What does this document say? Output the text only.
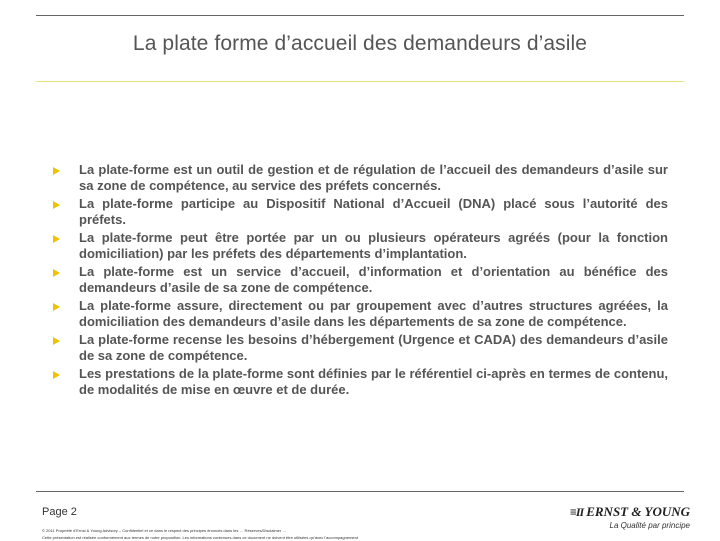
La plate forme d’accueil des demandeurs d’asile
La plate-forme est un outil de gestion et de régulation de l’accueil des demandeurs d’asile sur sa zone de compétence, au service des préfets concernés.
La plate-forme participe au Dispositif National d’Accueil (DNA) placé sous l’autorité des préfets.
La plate-forme peut être portée par un ou plusieurs opérateurs agréés (pour la fonction domiciliation) par les préfets des départements d’implantation.
La plate-forme est un service d’accueil, d’information et d’orientation au bénéfice des demandeurs d’asile de sa zone de compétence.
La plate-forme assure, directement ou par groupement avec d’autres structures agréées, la domiciliation des demandeurs d’asile dans les départements de sa zone de compétence.
La plate-forme recense les besoins d’hébergement (Urgence et CADA) des demandeurs d’asile de sa zone de compétence.
Les prestations de la plate-forme sont définies par le référentiel ci-après en termes de contenu, de modalités de mise en œuvre et de durée.
Page 2
© 2011 Propriété d’Ernst & Young Advisory – Confidentiel et ce dans le respect des principes énoncés dans les … Réserves/Disclaimer …
Cette présentation est réalisée conformément aux termes de notre proposition. Les informations contenues dans ce document ne doivent être utilisées qu’avec l’accompagnement
≡II ERNST & YOUNG
La Qualité par principe
